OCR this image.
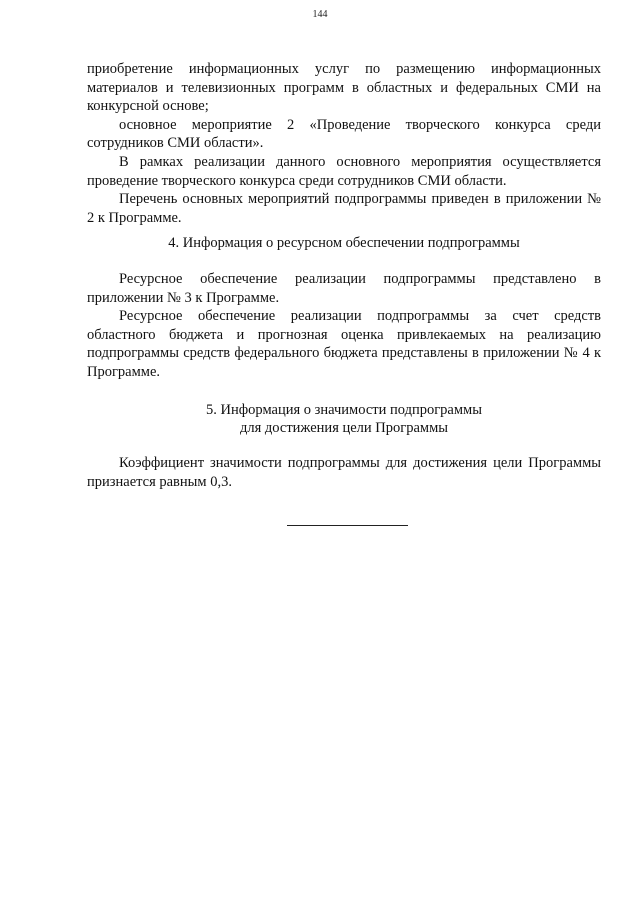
144

приобретение информационных услуг по размещению информационных материалов и телевизионных программ в областных и федеральных СМИ на конкурсной основе;

основное мероприятие 2 «Проведение творческого конкурса среди сотрудников СМИ области».

В рамках реализации данного основного мероприятия осуществляется проведение творческого конкурса среди сотрудников СМИ области.

Перечень основных мероприятий подпрограммы приведен в приложении № 2 к Программе.

4. Информация о ресурсном обеспечении подпрограммы

Ресурсное обеспечение реализации подпрограммы представлено в приложении № 3 к Программе.

Ресурсное обеспечение реализации подпрограммы за счет средств областного бюджета и прогнозная оценка привлекаемых на реализацию подпрограммы средств федерального бюджета представлены в приложении № 4 к Программе.

5. Информация о значимости подпрограммы

для достижения цели Программы

Коэффициент значимости подпрограммы для достижения цели Программы признается равным 0,3.
